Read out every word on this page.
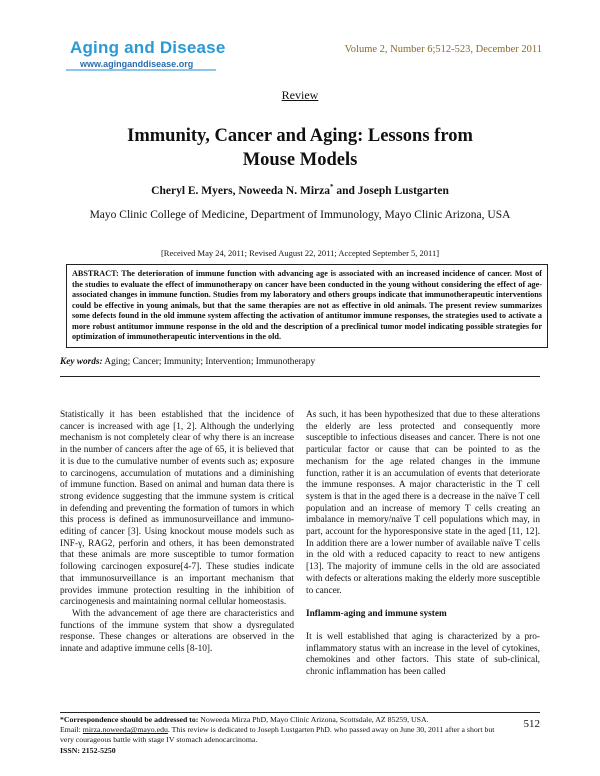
Aging and Disease
www.aginganddisease.org
Volume 2, Number 6;512-523, December 2011
Review
Immunity, Cancer and Aging: Lessons from
Mouse Models
Cheryl E. Myers, Noweeda N. Mirza* and Joseph Lustgarten
Mayo Clinic College of Medicine, Department of Immunology, Mayo Clinic Arizona, USA
[Received May 24, 2011; Revised August 22, 2011; Accepted September 5, 2011]
ABSTRACT: The deterioration of immune function with advancing age is associated with an increased incidence of cancer. Most of the studies to evaluate the effect of immunotherapy on cancer have been conducted in the young without considering the effect of age-associated changes in immune function. Studies from my laboratory and others groups indicate that immunotherapeutic interventions could be effective in young animals, but that the same therapies are not as effective in old animals. The present review summarizes some defects found in the old immune system affecting the activation of antitumor immune responses, the strategies used to activate a more robust antitumor immune response in the old and the description of a preclinical tumor model indicating possible strategies for optimization of immunotherapeutic interventions in the old.
Key words: Aging; Cancer; Immunity; Intervention; Immunotherapy

Statistically it has been established that the incidence of cancer is increased with age [1, 2]. Although the underlying mechanism is not completely clear of why there is an increase in the number of cancers after the age of 65, it is believed that it is due to the cumulative number of events such as; exposure to carcinogens, accumulation of mutations and a diminishing of immune function. Based on animal and human data there is strong evidence suggesting that the immune system is critical in defending and preventing the formation of tumors in which this process is defined as immunosurveillance and immuno-editing of cancer [3]. Using knockout mouse models such as INF-γ, RAG2, perforin and others, it has been demonstrated that these animals are more susceptible to tumor formation following carcinogen exposure[4-7]. These studies indicate that immunosurveillance is an important mechanism that provides immune protection resulting in the inhibition of carcinogenesis and maintaining normal cellular homeostasis.

With the advancement of age there are characteristics and functions of the immune system that show a dysregulated response. These changes or alterations are observed in the innate and adaptive immune cells [8-10].

As such, it has been hypothesized that due to these alterations the elderly are less protected and consequently more susceptible to infectious diseases and cancer. There is not one particular factor or cause that can be pointed to as the mechanism for the age related changes in the immune function, rather it is an accumulation of events that deteriorate the immune responses. A major characteristic in the T cell system is that in the aged there is a decrease in the naïve T cell population and an increase of memory T cells creating an imbalance in memory/naïve T cell populations which may, in part, account for the hyporesponsive state in the aged [11, 12]. In addition there are a lower number of available naïve T cells in the old with a reduced capacity to react to new antigens [13]. The majority of immune cells in the old are associated with defects or alterations making the elderly more susceptible to cancer.

Inflamm-aging and immune system

It is well established that aging is characterized by a pro-inflammatory status with an increase in the level of cytokines, chemokines and other factors. This state of sub-clinical, chronic inflammation has been called

*Correspondence should be addressed to: Noweeda Mirza PhD, Mayo Clinic Arizona, Scottsdale, AZ 85259, USA.
Email: mirza.noweeda@mayo.edu. This review is dedicated to Joseph Lustgarten PhD. who passed away on June 30, 2011 after a short but very courageous battle with stage IV stomach adenocarcinoma.
ISSN: 2152-5250
512
